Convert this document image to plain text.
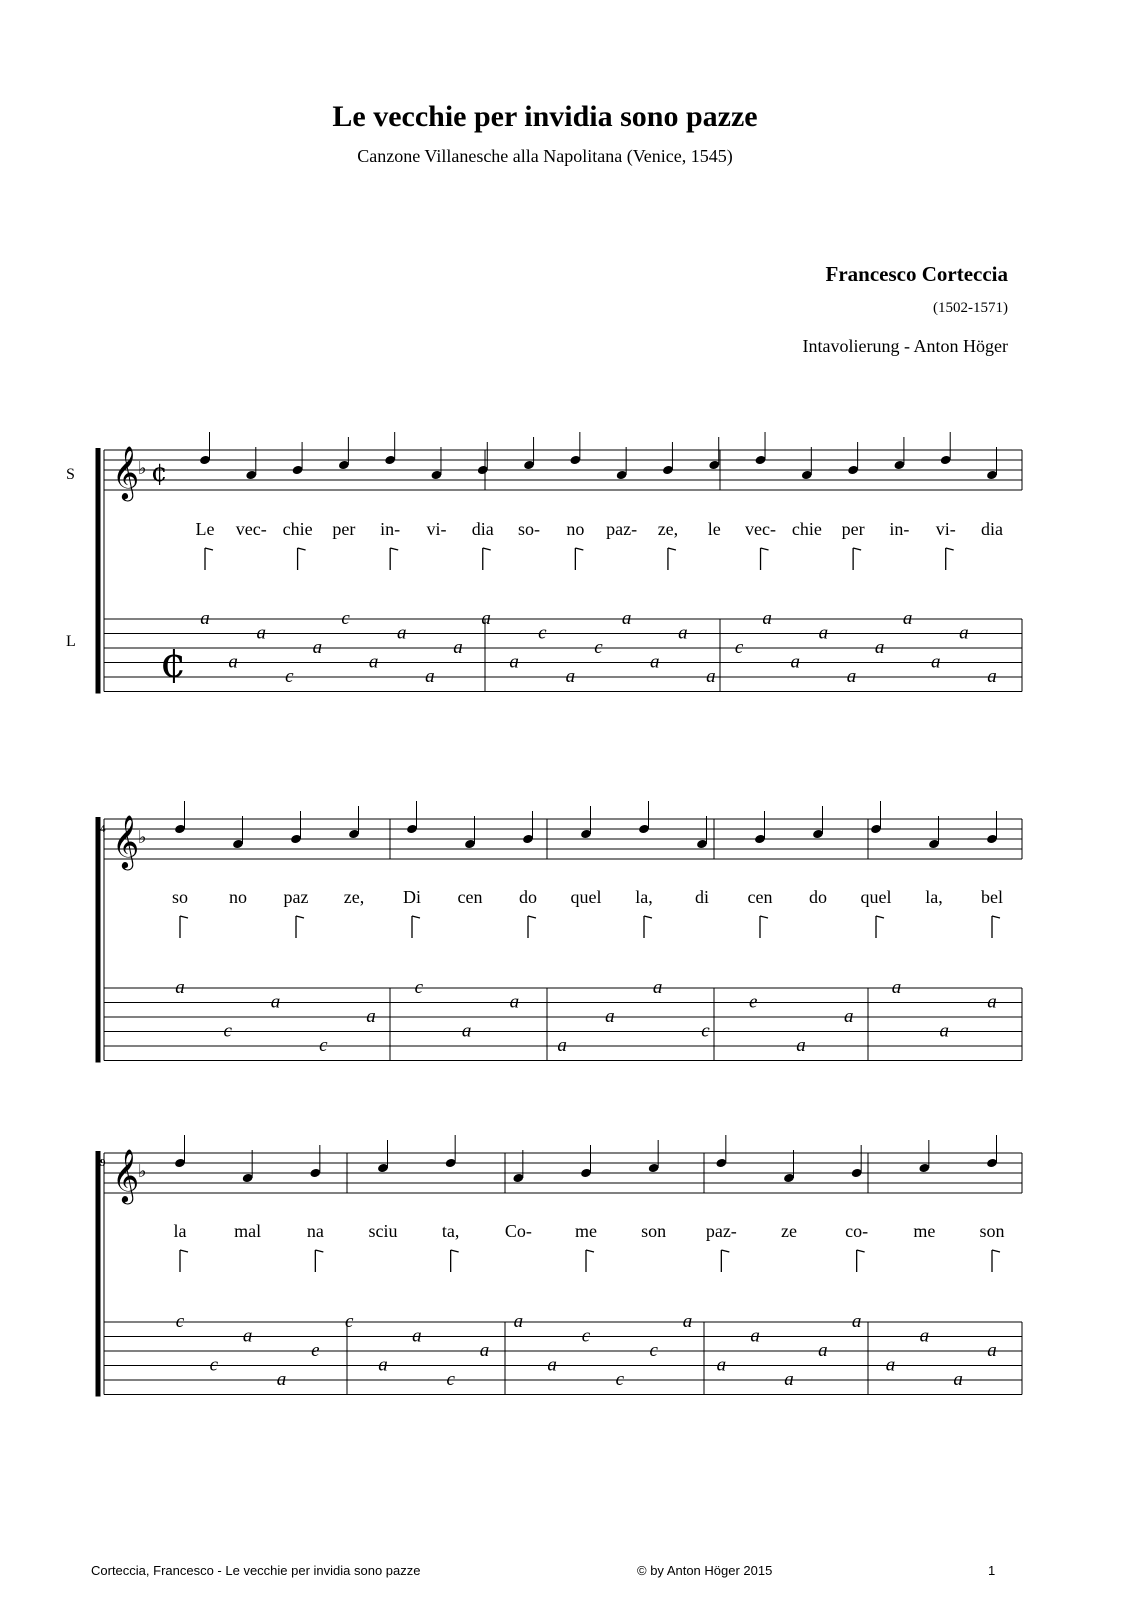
Le vecchie per invidia sono pazze
Canzone Villanesche alla Napolitana (Venice, 1545)
Francesco Corteccia
(1502-1571)
Intavolierung - Anton Höger
S
L
4
9
𝄞
♭ ¢
¢
Le vec- chie per in- vi- dia so- no paz- ze, le vec- chie per in- vi- dia
a
a
a
c
a
c
a
a
a
a
a
a
c
a
c
a
a
a
a
c
a
a
a
a
a
a
a
a
a
𝄞
♭
so no paz ze, Di cen do quel la, di cen do quel la, bel
a
c
a
c
a
c
a
a
a
a
a
c
e
a
a
a
a
a
𝄞
♭
la	mal	na sciu ta,	Co- me son paz- ze	co-	me son
c
c
a
a
e
c
a
a
c
a
a
a
c
c
c
a
a
a
a
a
a
a
a
a
a
Corteccia, Francesco - Le vecchie per invidia sono pazze	© by Anton Höger 2015	1
